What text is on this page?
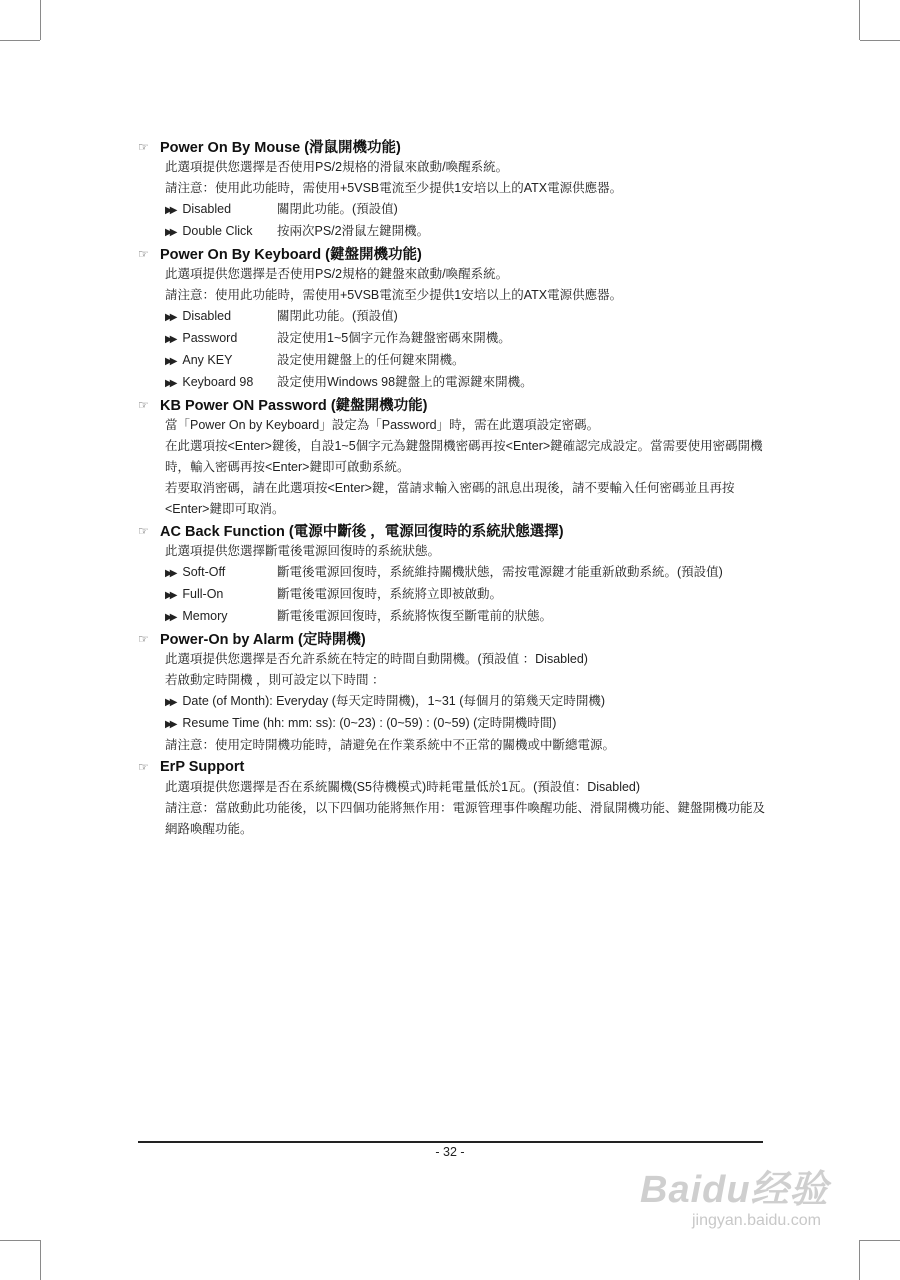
☞ Power On By Mouse (滑鼠開機功能)
此選項提供您選擇是否使用PS/2規格的滑鼠來啟動/喚醒系統。
請注意：使用此功能時，需使用+5VSB電流至少提供1安培以上的ATX電源供應器。
▶▶ Disabled	關閉此功能。(預設值)
▶▶ Double Click	按兩次PS/2滑鼠左鍵開機。
☞ Power On By Keyboard (鍵盤開機功能)
此選項提供您選擇是否使用PS/2規格的鍵盤來啟動/喚醒系統。
請注意：使用此功能時，需使用+5VSB電流至少提供1安培以上的ATX電源供應器。
▶▶ Disabled	關閉此功能。(預設值)
▶▶ Password	設定使用1~5個字元作為鍵盤密碼來開機。
▶▶ Any KEY	設定使用鍵盤上的任何鍵來開機。
▶▶ Keyboard 98	設定使用Windows 98鍵盤上的電源鍵來開機。
☞ KB Power ON Password (鍵盤開機功能)
當「Power On by Keyboard」設定為「Password」時，需在此選項設定密碼。
在此選項按<Enter>鍵後，自設1~5個字元為鍵盤開機密碼再按<Enter>鍵確認完成設定。當需要使用密碼開機時，輸入密碼再按<Enter>鍵即可啟動系統。
若要取消密碼，請在此選項按<Enter>鍵，當請求輸入密碼的訊息出現後，請不要輸入任何密碼並且再按<Enter>鍵即可取消。
☞ AC Back Function (電源中斷後 ，電源回復時的系統狀態選擇)
此選項提供您選擇斷電後電源回復時的系統狀態。
▶▶ Soft-Off	斷電後電源回復時，系統維持關機狀態，需按電源鍵才能重新啟動系統。(預設值)
▶▶ Full-On	斷電後電源回復時，系統將立即被啟動。
▶▶ Memory	斷電後電源回復時，系統將恢復至斷電前的狀態。
☞ Power-On by Alarm (定時開機)
此選項提供您選擇是否允許系統在特定的時間自動開機。(預設值 ：Disabled)
若啟動定時開機 ，則可設定以下時間 ：
▶▶ Date (of Month): Everyday (每天定時開機)，1~31 (每個月的第幾天定時開機)
▶▶ Resume Time (hh: mm: ss): (0~23) : (0~59) : (0~59) (定時開機時間)
請注意：使用定時開機功能時，請避免在作業系統中不正常的關機或中斷總電源。
☞ ErP Support
此選項提供您選擇是否在系統關機(S5待機模式)時耗電量低於1瓦。(預設值：Disabled)
請注意：當啟動此功能後，以下四個功能將無作用：電源管理事件喚醒功能、滑鼠開機功能、鍵盤開機功能及網路喚醒功能。
- 32 -
Baidu经验
jingyan.baidu.com
